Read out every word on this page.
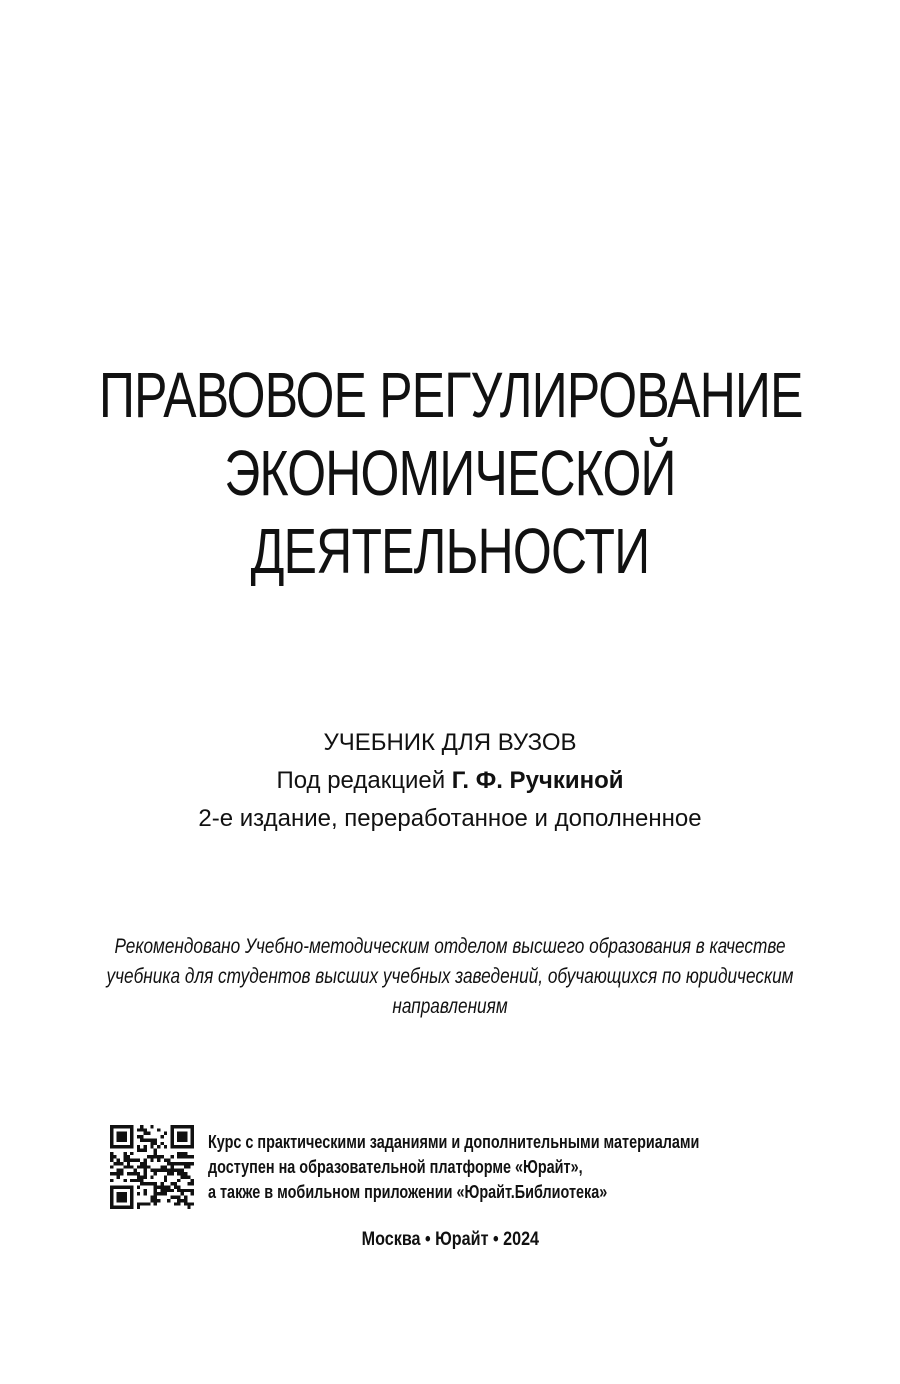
ПРАВОВОЕ РЕГУЛИРОВАНИЕ
ЭКОНОМИЧЕСКОЙ
ДЕЯТЕЛЬНОСТИ
УЧЕБНИК ДЛЯ ВУЗОВ
Под редакцией Г. Ф. Ручкиной
2-е издание, переработанное и дополненное
Рекомендовано Учебно-методическим отделом высшего образования в качестве
учебника для студентов высших учебных заведений, обучающихся по юридическим
направлениям
Курс с практическими заданиями и дополнительными материалами
доступен на образовательной платформе «Юрайт»,
а также в мобильном приложении «Юрайт.Библиотека»
Москва • Юрайт • 2024
